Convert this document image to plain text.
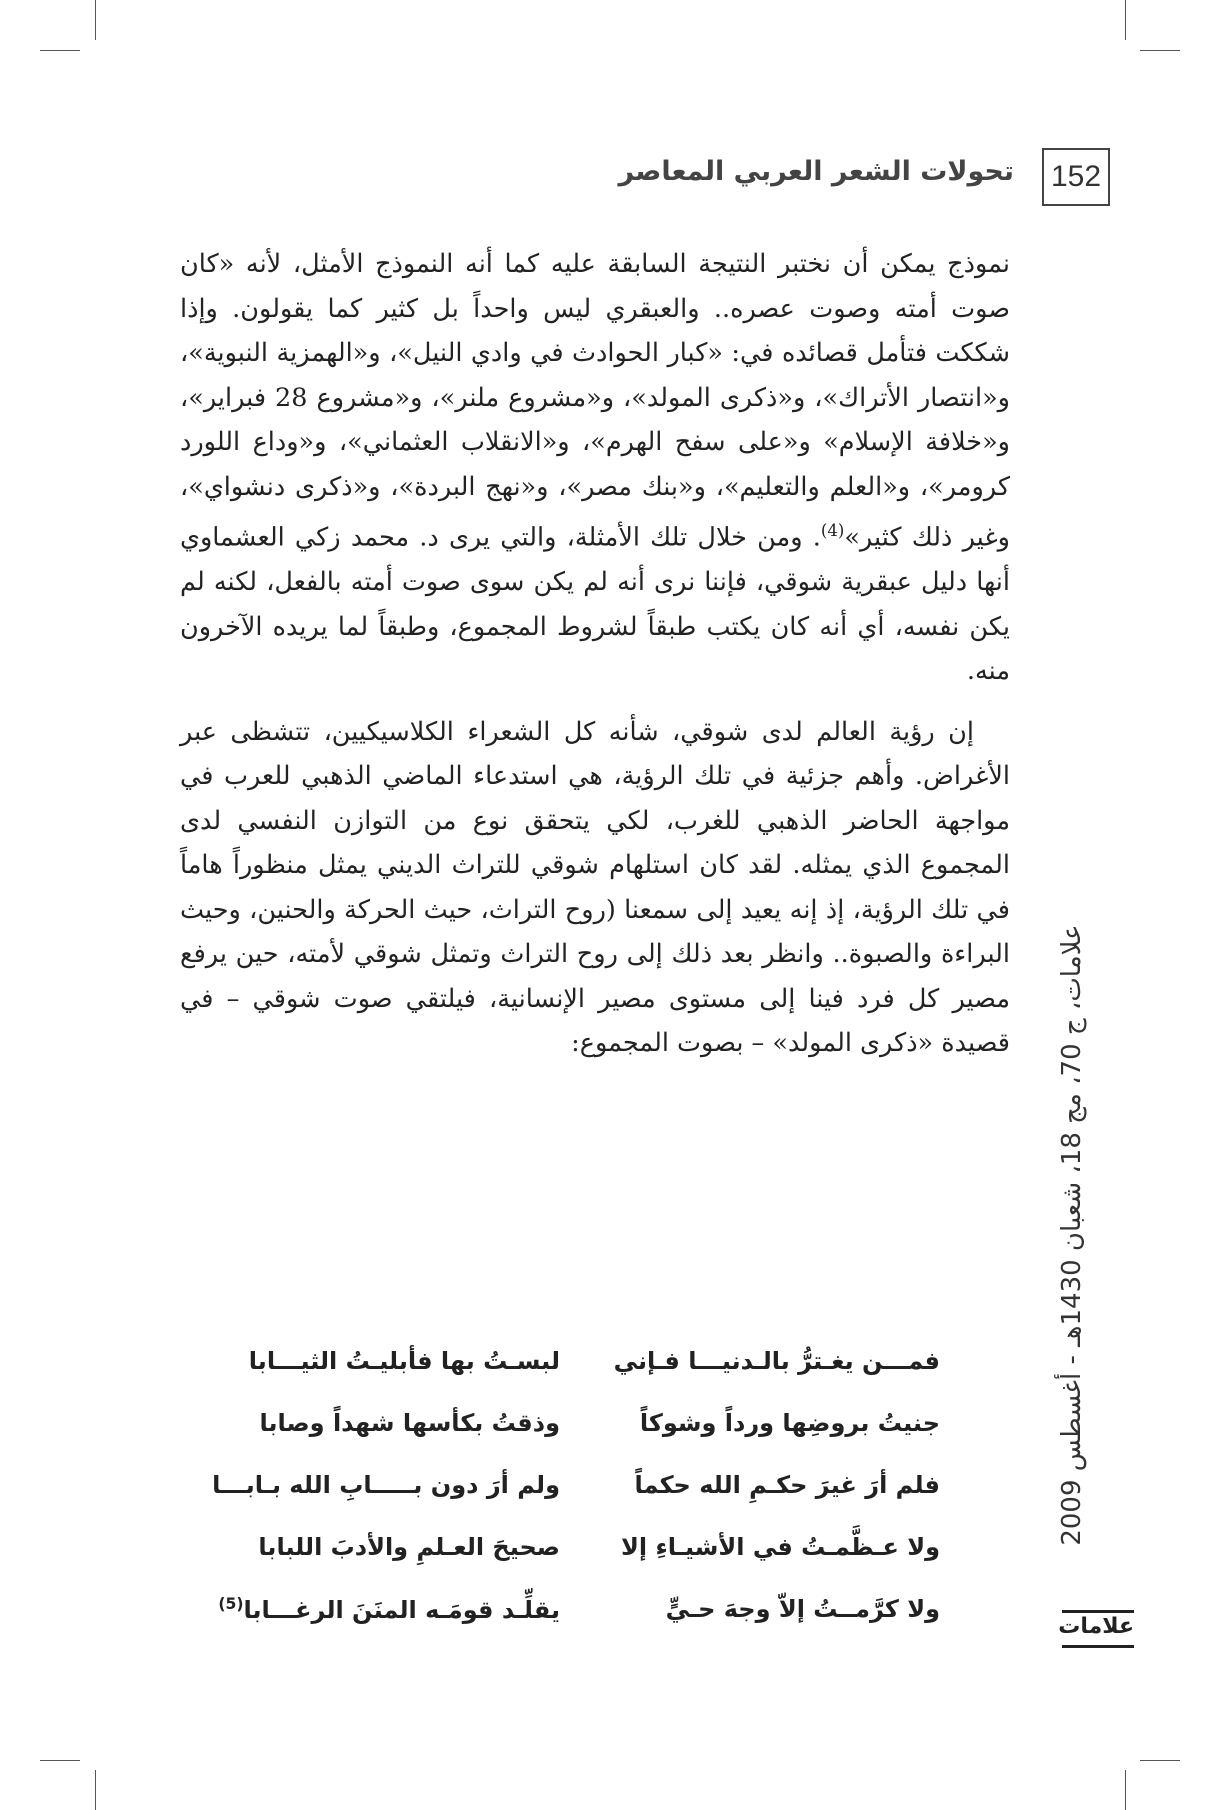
152
تحولات الشعر العربي المعاصر

نموذج يمكن أن نختبر النتيجة السابقة عليه كما أنه النموذج الأمثل، لأنه «كان صوت أمته وصوت عصره.. والعبقري ليس واحداً بل كثير كما يقولون. وإذا شككت فتأمل قصائده في: «كبار الحوادث في وادي النيل»، و«الهمزية النبوية»، و«انتصار الأتراك»، و«ذكرى المولد»، و«مشروع ملنر»، و«مشروع 28 فبراير»، و«خلافة الإسلام» و«على سفح الهرم»، و«الانقلاب العثماني»، و«وداع اللورد كرومر»، و«العلم والتعليم»، و«بنك مصر»، و«نهج البردة»، و«ذكرى دنشواي»، وغير ذلك كثير»$^{(4)}$. ومن خلال تلك الأمثلة، والتي يرى د. محمد زكي العشماوي أنها دليل عبقرية شوقي، فإننا نرى أنه لم يكن سوى صوت أمته بالفعل، لكنه لم يكن نفسه، أي أنه كان يكتب طبقاً لشروط المجموع، وطبقاً لما يريده الآخرون منه.

إن رؤية العالم لدى شوقي، شأنه كل الشعراء الكلاسيكيين، تتشظى عبر الأغراض. وأهم جزئية في تلك الرؤية، هي استدعاء الماضي الذهبي للعرب في مواجهة الحاضر الذهبي للغرب، لكي يتحقق نوع من التوازن النفسي لدى المجموع الذي يمثله. لقد كان استلهام شوقي للتراث الديني يمثل منظوراً هاماً في تلك الرؤية، إذ إنه يعيد إلى سمعنا (روح التراث، حيث الحركة والحنين، وحيث البراءة والصبوة.. وانظر بعد ذلك إلى روح التراث وتمثل شوقي لأمته، حين يرفع مصير كل فرد فينا إلى مستوى مصير الإنسانية، فيلتقي صوت شوقي – في قصيدة «ذكرى المولد» – بصوت المجموع:

فمـــن يغـترُّ بالـدنيـــا فـإني
لبسـتُ بها فأبليـتُ الثيـــابا
جنيتُ بروضِها ورداً وشوكاً
وذقتُ بكأسها شهداً وصابا
فلم أرَ غيرَ حكـمِ الله حكماً
ولم أرَ دون بـــــابِ الله بـابـــا
ولا عـظَّمـتُ في الأشيـاءِ إلا
صحيحَ العـلمِ والأدبَ اللبابا
ولا كرَّمــتُ إلاّ وجهَ حـيٍّ
يقلِّـد قومَـه المنَنَ الرغـــابا$^{(5)}$
علامات، ج 70، مج 18، شعبان 1430هـ - أغسطس 2009
علامات
